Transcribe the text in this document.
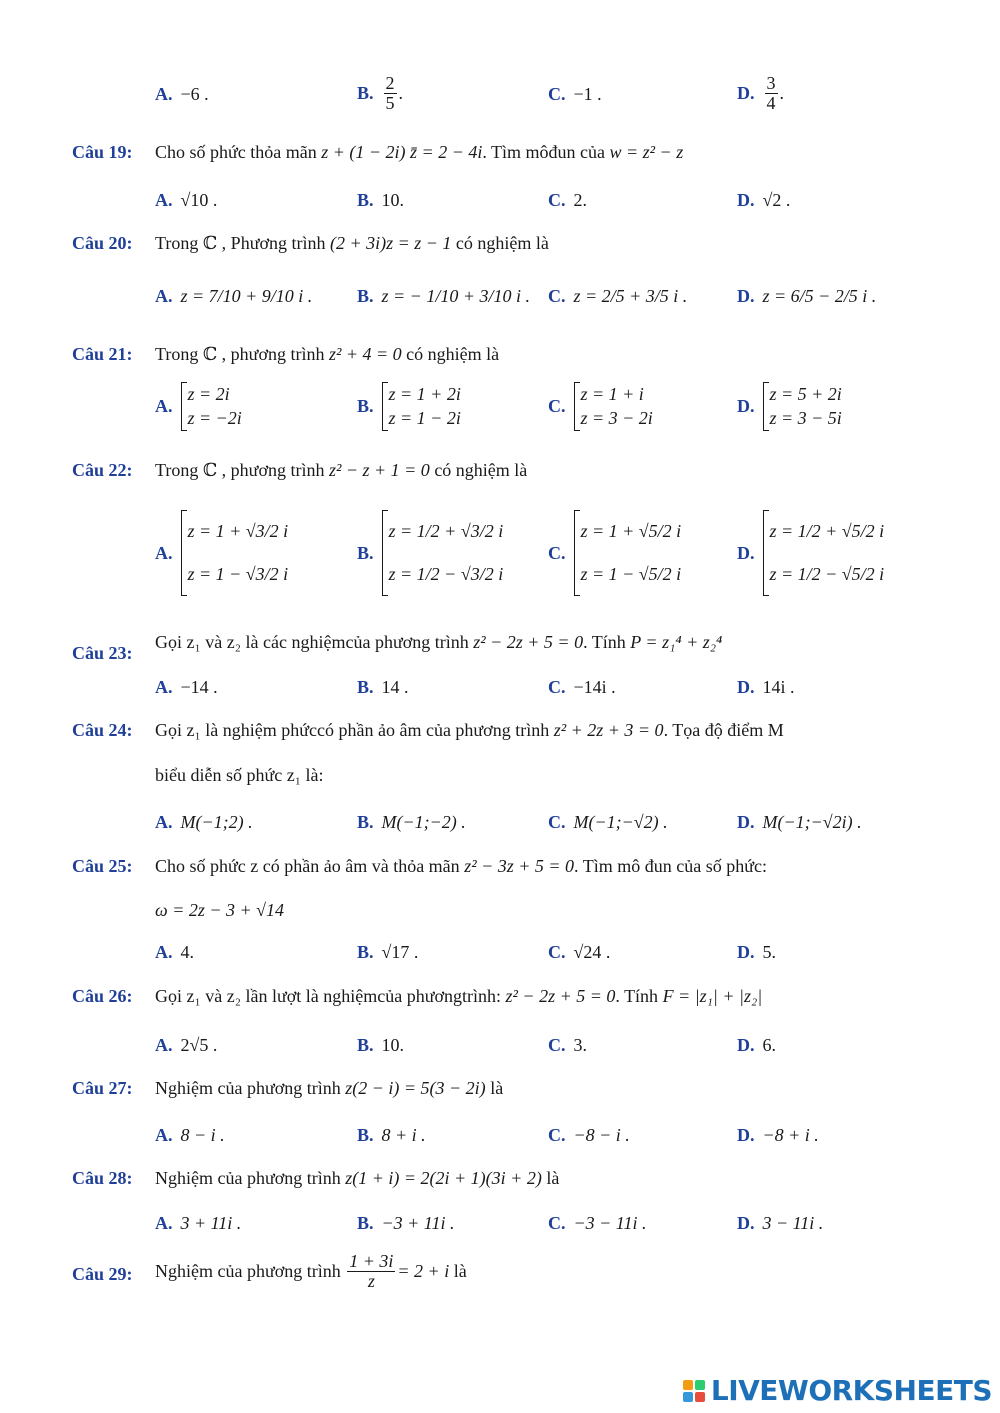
A. −6 .	B. $\frac{2}{5}$ .	C. −1 .	D. $\frac{3}{4}$ .
Câu 19: Cho số phức thỏa mãn z + (1 − 2i) z̄ = 2 − 4i. Tìm môđun của w = z² − z
A. √10 .	B. 10.	C. 2.	D. √2 .
Câu 20: Trong ℂ , Phương trình (2 + 3i)z = z − 1 có nghiệm là
A. z = 7/10 + 9/10 i . B. z = − 1/10 + 3/10 i . C. z = 2/5 + 3/5 i .	D. z = 6/5 − 2/5 i .
Câu 21: Trong ℂ , phương trình z² + 4 = 0 có nghiệm là
A.
z = 2i
z = −2i
B.
z = 1 + 2i
z = 1 − 2i
C.
z = 1 + i
z = 3 − 2i
D.
z = 5 + 2i
z = 3 − 5i
Câu 22: Trong ℂ , phương trình z² − z + 1 = 0 có nghiệm là
A.
z = 1 + √3/2 i
z = 1 − √3/2 i
B.
z = 1/2 + √3/2 i
z = 1/2 − √3/2 i
C.
z = 1 + √5/2 i
z = 1 − √5/2 i
D.
z = 1/2 + √5/2 i
z = 1/2 − √5/2 i
Câu 23:
Gọi z₁ và z₂ là các nghiệmcủa phương trình z² − 2z + 5 = 0. Tính P = z₁⁴ + z₂⁴
A. −14 .	B. 14 .	C. −14i .	D. 14i .
Câu 24: Gọi z₁ là nghiệm phứccó phần ảo âm của phương trình z² + 2z + 3 = 0. Tọa độ điểm M
biểu diễn số phức z₁ là:
A. M(−1;2) .	B. M(−1;−2) .	C. M(−1;−√2) .	D. M(−1;−√2i) .
Câu 25: Cho số phức z có phần ảo âm và thỏa mãn z² − 3z + 5 = 0. Tìm mô đun của số phức:
ω = 2z − 3 + √14
A. 4.	B. √17 .	C. √24 .	D. 5.
Câu 26: Gọi z₁ và z₂ lần lượt là nghiệmcủa phươngtrình: z² − 2z + 5 = 0. Tính F = |z₁| + |z₂|
A. 2√5 .	B. 10.	C. 3.	D. 6.
Câu 27: Nghiệm của phương trình z(2 − i) = 5(3 − 2i) là
A. 8 − i .	B. 8 + i .	C. −8 − i .	D. −8 + i .
Câu 28: Nghiệm của phương trình z(1 + i) = 2(2i + 1)(3i + 2) là
A. 3 + 11i .	B. −3 + 11i .	C. −3 − 11i .	D. 3 − 11i .
Câu 29: Nghiệm của phương trình
$\frac{1 + 3i}{z} = 2 + i$
là
LIVEWORKSHEETS
